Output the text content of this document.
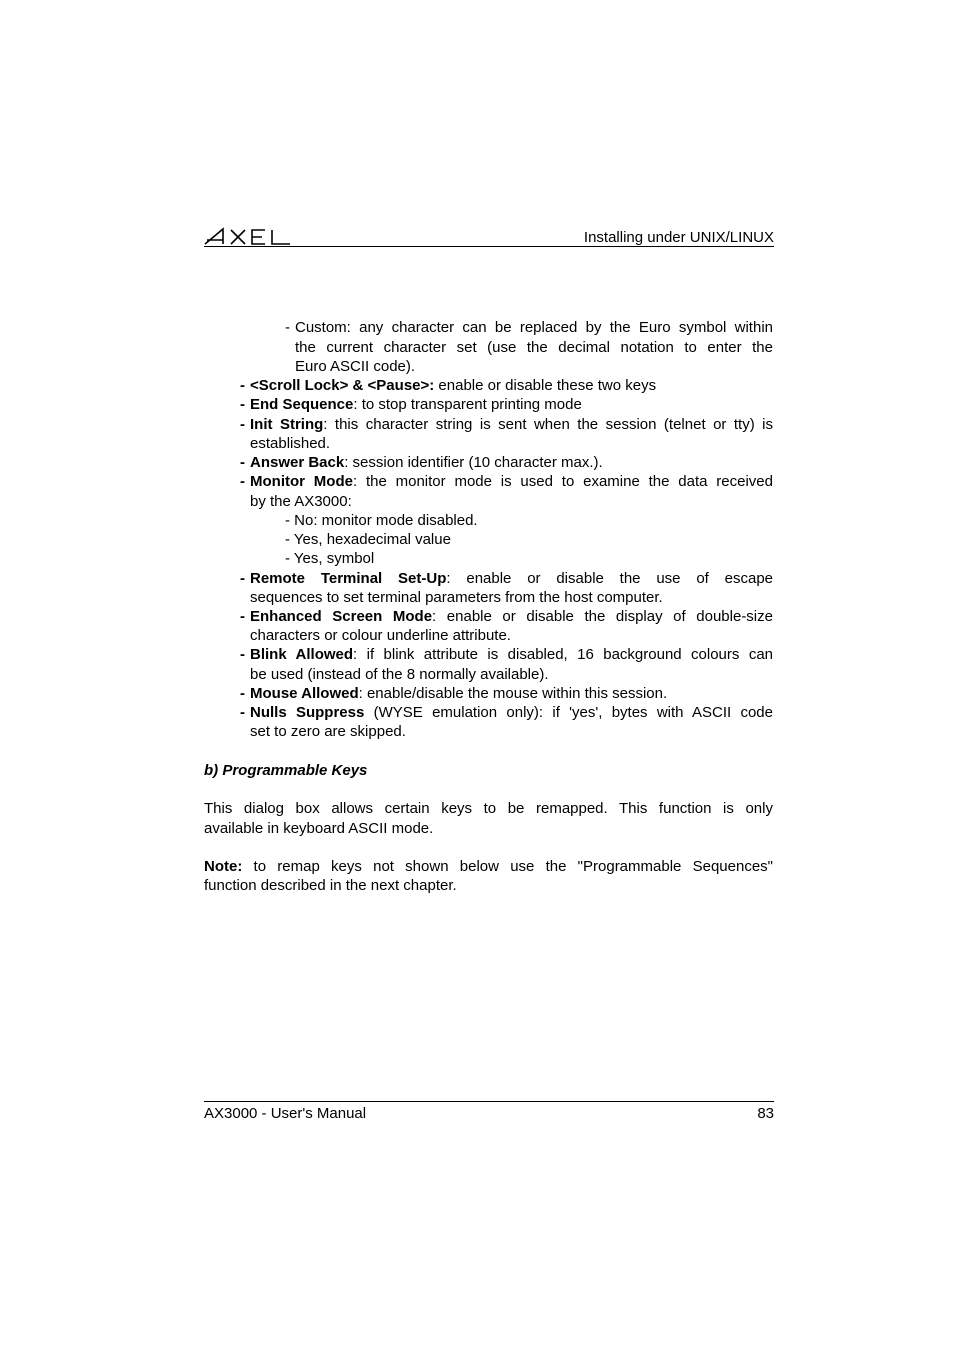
Installing under UNIX/LINUX
- Custom: any character can be replaced by the Euro symbol within
the current character set (use the decimal notation to enter the
Euro ASCII code).
- <Scroll Lock> & <Pause>: enable or disable these two keys
- End Sequence: to stop transparent printing mode
- Init String: this character string is sent when the session (telnet or tty) is
established.
- Answer Back: session identifier (10 character max.).
- Monitor Mode: the monitor mode is used to examine the data received
by the AX3000:
- No: monitor mode disabled.
- Yes, hexadecimal value
- Yes, symbol
- Remote Terminal Set-Up: enable or disable the use of escape
sequences to set terminal parameters from the host computer.
- Enhanced Screen Mode: enable or disable the display of double-size
characters or colour underline attribute.
- Blink Allowed: if blink attribute is disabled, 16 background colours can
be used (instead of the 8 normally available).
- Mouse Allowed: enable/disable the mouse within this session.
- Nulls Suppress (WYSE emulation only): if 'yes', bytes with ASCII code
set to zero are skipped.
b) Programmable Keys
This dialog box allows certain keys to be remapped. This function is only
available in keyboard ASCII mode.
Note: to remap keys not shown below use the "Programmable Sequences"
function described in the next chapter.
AX3000 - User's Manual	83
